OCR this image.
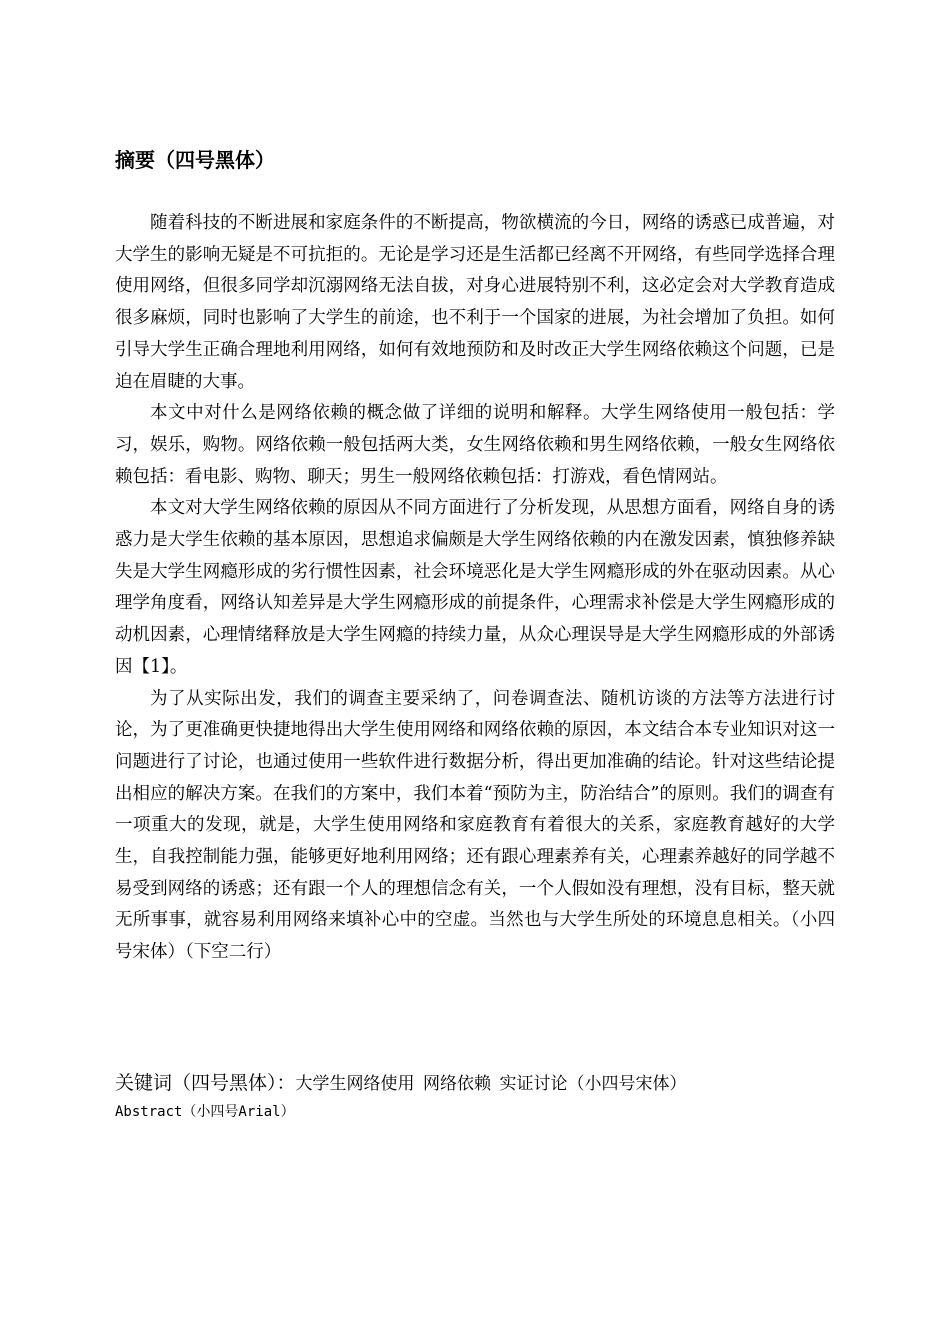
摘要（四号黑体）

随着科技的不断进展和家庭条件的不断提高，物欲横流的今日，网络的诱惑已成普遍，对大学生的影响无疑是不可抗拒的。无论是学习还是生活都已经离不开网络，有些同学选择合理使用网络，但很多同学却沉溺网络无法自拔，对身心进展特别不利，这必定会对大学教育造成很多麻烦，同时也影响了大学生的前途，也不利于一个国家的进展，为社会增加了负担。如何引导大学生正确合理地利用网络，如何有效地预防和及时改正大学生网络依赖这个问题，已是迫在眉睫的大事。

本文中对什么是网络依赖的概念做了详细的说明和解释。大学生网络使用一般包括：学习，娱乐，购物。网络依赖一般包括两大类，女生网络依赖和男生网络依赖，一般女生网络依赖包括：看电影、购物、聊天；男生一般网络依赖包括：打游戏，看色情网站。

本文对大学生网络依赖的原因从不同方面进行了分析发现，从思想方面看，网络自身的诱惑力是大学生依赖的基本原因，思想追求偏颇是大学生网络依赖的内在激发因素，慎独修养缺失是大学生网瘾形成的劣行惯性因素，社会环境恶化是大学生网瘾形成的外在驱动因素。从心理学角度看，网络认知差异是大学生网瘾形成的前提条件，心理需求补偿是大学生网瘾形成的动机因素，心理情绪释放是大学生网瘾的持续力量，从众心理误导是大学生网瘾形成的外部诱因【1】。

为了从实际出发，我们的调查主要采纳了，问卷调查法、随机访谈的方法等方法进行讨论，为了更准确更快捷地得出大学生使用网络和网络依赖的原因，本文结合本专业知识对这一问题进行了讨论，也通过使用一些软件进行数据分析，得出更加准确的结论。针对这些结论提出相应的解决方案。在我们的方案中，我们本着“预防为主，防治结合”的原则。我们的调查有一项重大的发现，就是，大学生使用网络和家庭教育有着很大的关系，家庭教育越好的大学生，自我控制能力强，能够更好地利用网络；还有跟心理素养有关，心理素养越好的同学越不易受到网络的诱惑；还有跟一个人的理想信念有关，一个人假如没有理想，没有目标，整天就无所事事，就容易利用网络来填补心中的空虚。当然也与大学生所处的环境息息相关。（小四号宋体）（下空二行）

关键词（四号黑体）：大学生网络使用 网络依赖 实证讨论（小四号宋体）
Abstract（小四号Arial）
